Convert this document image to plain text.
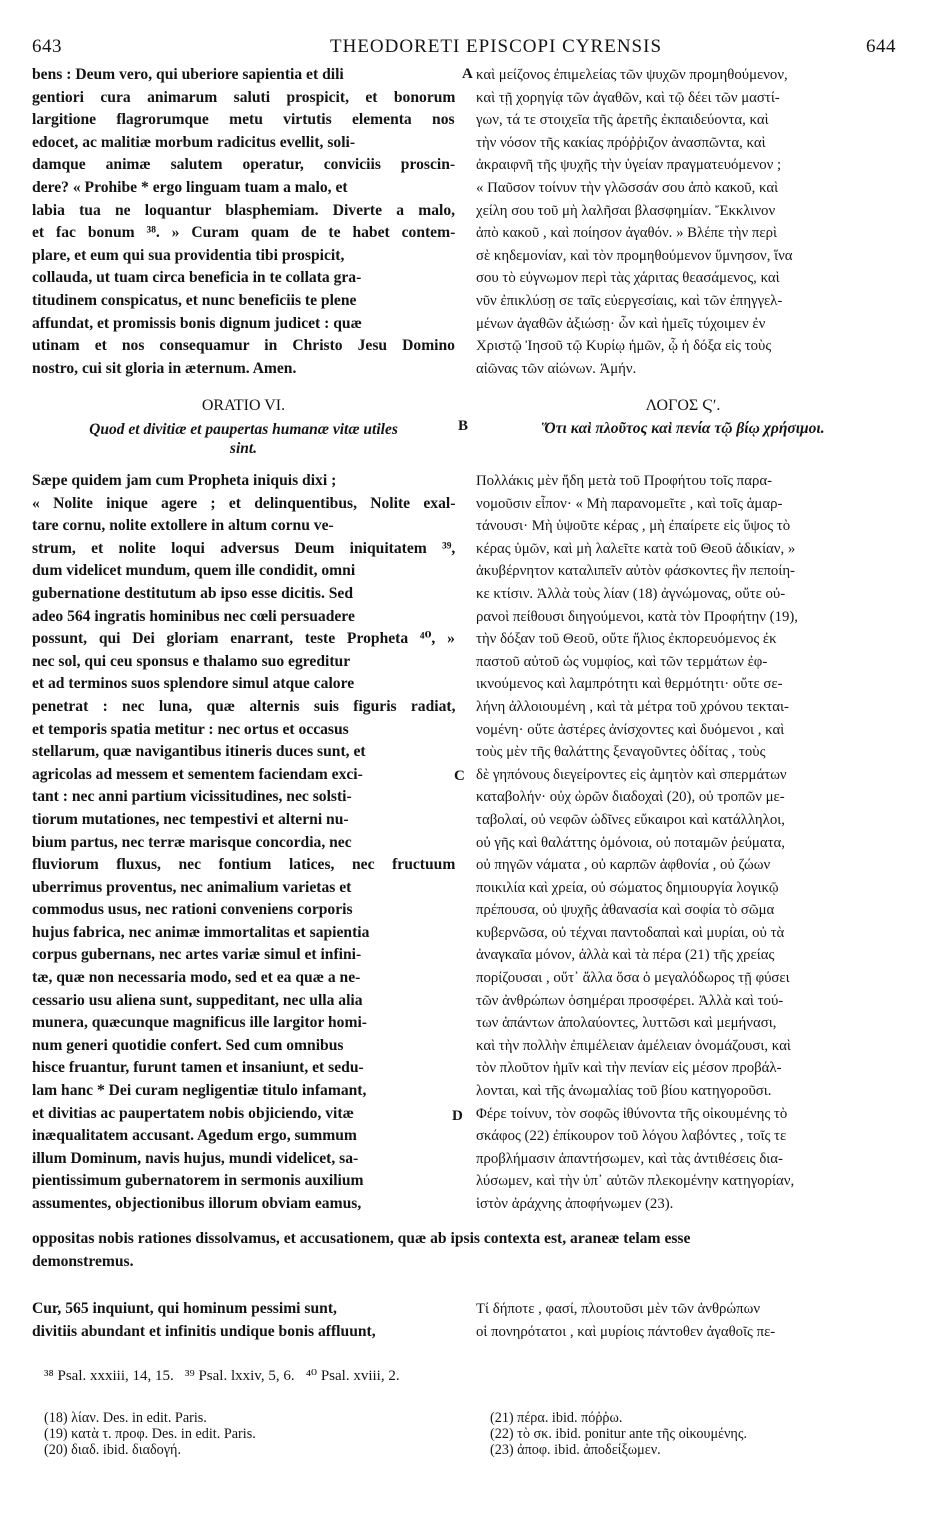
643	THEODORETI EPISCOPI CYRENSIS	644
bens : Deum vero, qui uberiore sapientia et dili
gentiori cura animarum saluti prospicit, et bonorum
largitione flagrorumque metu virtutis elementa nos
edocet, ac malitiæ morbum radicitus evellit, soli-
damque animæ salutem operatur, conviciis proscin-
dere? « Prohibe * ergo linguam tuam a malo, et
labia tua ne loquantur blasphemiam. Diverte a malo,
et fac bonum ³⁸. » Curam quam de te habet contem-
plare, et eum qui sua providentia tibi prospicit,
collauda, ut tuam circa beneficia in te collata gra-
titudinem conspicatus, et nunc beneficiis te plene
affundat, et promissis bonis dignum judicet : quæ
utinam et nos consequamur in Christo Jesu Domino
nostro, cui sit gloria in æternum. Amen.
καὶ μείζονος ἐπιμελείας τῶν ψυχῶν προμηθούμενον,
καὶ τῇ χορηγίᾳ τῶν ἀγαθῶν, καὶ τῷ δέει τῶν μαστί-
γων, τά τε στοιχεῖα τῆς ἀρετῆς ἐκπαιδεύοντα, καὶ
τὴν νόσον τῆς κακίας πρόῤῥιζον ἀνασπῶντα, καὶ
ἀκραιφνῆ τῆς ψυχῆς τὴν ὑγείαν πραγματευόμενον ;
« Παῦσον τοίνυν τὴν γλῶσσάν σου ἀπὸ κακοῦ, καὶ
χείλη σου τοῦ μὴ λαλῆσαι βλασφημίαν. Ἔκκλινον
ἀπὸ κακοῦ , καὶ ποίησον ἀγαθόν. » Βλέπε τὴν περὶ
σὲ κηδεμονίαν, καὶ τὸν προμηθούμενον ὕμνησον, ἵνα
σου τὸ εὐγνωμον περὶ τὰς χάριτας θεασάμενος, καὶ
νῦν ἐπικλύσῃ σε ταῖς εὐεργεσίαις, καὶ τῶν ἐπηγγελ-
μένων ἀγαθῶν ἀξιώσῃ· ὧν καὶ ἡμεῖς τύχοιμεν ἐν
Χριστῷ Ἰησοῦ τῷ Κυρίῳ ἡμῶν, ᾧ ἡ δόξα εἰς τοὺς
αἰῶνας τῶν αἰώνων. Ἀμήν.
A
ORATIO VI.	ΛΟΓΟΣ Ϛʹ.
Quod et divitiæ et paupertas humanæ vitæ utiles
sint.
Ὅτι καὶ πλοῦτος καὶ πενία τῷ βίῳ χρήσιμοι.
B
Sæpe quidem jam cum Propheta iniquis dixi ;
« Nolite inique agere ; et delinquentibus, Nolite exal-
tare cornu, nolite extollere in altum cornu ve-
strum, et nolite loqui adversus Deum iniquitatem ³⁹,
dum videlicet mundum, quem ille condidit, omni
gubernatione destitutum ab ipso esse dicitis. Sed
adeo 564 ingratis hominibus nec cœli persuadere
possunt, qui Dei gloriam enarrant, teste Propheta ⁴⁰, »
nec sol, qui ceu sponsus e thalamo suo egreditur
et ad terminos suos splendore simul atque calore
penetrat : nec luna, quæ alternis suis figuris radiat,
et temporis spatia metitur : nec ortus et occasus
stellarum, quæ navigantibus itineris duces sunt, et
agricolas ad messem et sementem faciendam exci-
tant : nec anni partium vicissitudines, nec solsti-
tiorum mutationes, nec tempestivi et alterni nu-
bium partus, nec terræ marisque concordia, nec
fluviorum fluxus, nec fontium latices, nec fructuum
uberrimus proventus, nec animalium varietas et
commodus usus, nec rationi conveniens corporis
hujus fabrica, nec animæ immortalitas et sapientia
corpus gubernans, nec artes variæ simul et infini-
tæ, quæ non necessaria modo, sed et ea quæ a ne-
cessario usu aliena sunt, suppeditant, nec ulla alia
munera, quæcunque magnificus ille largitor homi-
num generi quotidie confert. Sed cum omnibus
hisce fruantur, furunt tamen et insaniunt, et sedu-
lam hanc * Dei curam negligentiæ titulo infamant,
et divitias ac paupertatem nobis objiciendo, vitæ
inæqualitatem accusant. Agedum ergo, summum
illum Dominum, navis hujus, mundi videlicet, sa-
pientissimum gubernatorem in sermonis auxilium
assumentes, objectionibus illorum obviam eamus,
Πολλάκις μὲν ἤδη μετὰ τοῦ Προφήτου τοῖς παρα-
νομοῦσιν εἶπον· « Μὴ παρανομεῖτε , καὶ τοῖς ἁμαρ-
τάνουσι· Μὴ ὑψοῦτε κέρας , μὴ ἐπαίρετε εἰς ὕψος τὸ
κέρας ὑμῶν, καὶ μὴ λαλεῖτε κατὰ τοῦ Θεοῦ ἀδικίαν, »
ἀκυβέρνητον καταλιπεῖν αὐτὸν φάσκοντες ἣν πεποίη-
κε κτίσιν. Ἀλλὰ τοὺς λίαν (18) ἀγνώμονας, οὔτε οὐ-
ρανοὶ πείθουσι διηγούμενοι, κατὰ τὸν Προφήτην (19),
τὴν δόξαν τοῦ Θεοῦ, οὔτε ἥλιος ἐκπορευόμενος ἐκ
παστοῦ αὐτοῦ ὡς νυμφίος, καὶ τῶν τερμάτων ἐφ-
ικνούμενος καὶ λαμπρότητι καὶ θερμότητι· οὔτε σε-
λήνη ἀλλοιουμένη , καὶ τὰ μέτρα τοῦ χρόνου τεκται-
νομένη· οὔτε ἀστέρες ἀνίσχοντες καὶ δυόμενοι , καὶ
τοὺς μὲν τῆς θαλάττης ξεναγοῦντες ὁδίτας , τοὺς
δὲ γηπόνους διεγείροντες εἰς ἀμητὸν καὶ σπερμάτων
καταβολήν· οὐχ ὡρῶν διαδοχαὶ (20), οὐ τροπῶν με-
ταβολαί, οὐ νεφῶν ὠδῖνες εὔκαιροι καὶ κατάλληλοι,
οὐ γῆς καὶ θαλάττης ὁμόνοια, οὐ ποταμῶν ῥεύματα,
οὐ πηγῶν νάματα , οὐ καρπῶν ἀφθονία , οὐ ζώων
ποικιλία καὶ χρεία, οὐ σώματος δημιουργία λογικῷ
πρέπουσα, οὐ ψυχῆς ἀθανασία καὶ σοφία τὸ σῶμα
κυβερνῶσα, οὐ τέχναι παντοδαπαὶ καὶ μυρίαι, οὐ τὰ
ἀναγκαῖα μόνον, ἀλλὰ καὶ τὰ πέρα (21) τῆς χρείας
πορίζουσαι , οὔτ᾽ ἄλλα ὅσα ὁ μεγαλόδωρος τῇ φύσει
τῶν ἀνθρώπων ὁσημέραι προσφέρει. Ἀλλὰ καὶ τού-
των ἁπάντων ἀπολαύοντες, λυττῶσι καὶ μεμήνασι,
καὶ τὴν πολλὴν ἐπιμέλειαν ἀμέλειαν ὀνομάζουσι, καὶ
τὸν πλοῦτον ἡμῖν καὶ τὴν πενίαν εἰς μέσον προβάλ-
λονται, καὶ τῆς ἀνωμαλίας τοῦ βίου κατηγοροῦσι.
Φέρε τοίνυν, τὸν σοφῶς ἰθύνοντα τῆς οἰκουμένης τὸ
σκάφος (22) ἐπίκουρον τοῦ λόγου λαβόντες , τοῖς τε
προβλήμασιν ἀπαντήσωμεν, καὶ τὰς ἀντιθέσεις δια-
λύσωμεν, καὶ τὴν ὑπ᾽ αὐτῶν πλεκομένην κατηγορίαν,
ἱστὸν ἀράχνης ἀποφήνωμεν (23).
C
D
oppositas nobis rationes dissolvamus, et accusationem, quæ ab ipsis contexta est, araneæ telam esse
demonstremus.
Cur, 565 inquiunt, qui hominum pessimi sunt,
divitiis abundant et infinitis undique bonis affluunt,
Τί δήποτε , φασί, πλουτοῦσι μὲν τῶν ἀνθρώπων
οἱ πονηρότατοι , καὶ μυρίοις πάντοθεν ἀγαθοῖς πε-
³⁸ Psal. xxxiii, 14, 15.   ³⁹ Psal. lxxiv, 5, 6.   ⁴⁰ Psal. xviii, 2.
(18) λίαν. Des. in edit. Paris.
(19) κατὰ τ. προφ. Des. in edit. Paris.
(20) διαδ. ibid. διαδογή.
(21) πέρα. ibid. πόῤῥω.
(22) τὸ σκ. ibid. ponitur ante τῆς οἰκουμένης.
(23) ἀποφ. ibid. ἀποδείξωμεν.
